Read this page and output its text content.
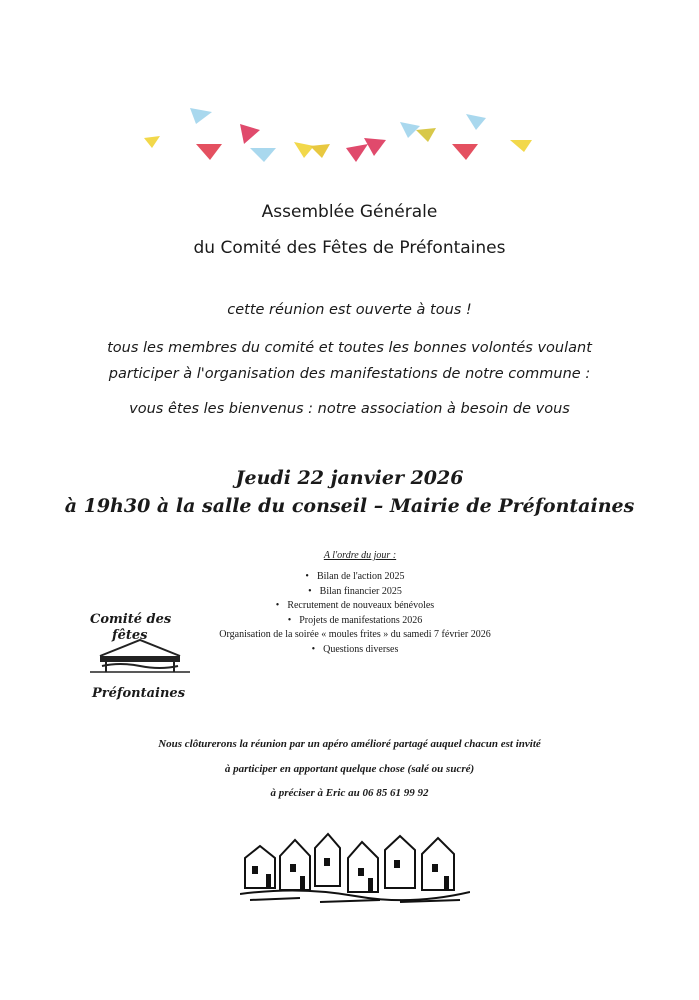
Assemblée Générale
du Comité des Fêtes de Préfontaines
cette réunion est ouverte à tous !
tous les membres du comité et toutes les bonnes volontés voulant
participer à l'organisation des manifestations de notre commune :
vous êtes les bienvenus : notre association à besoin de vous
Jeudi 22 janvier 2026
à 19h30 à la salle du conseil – Mairie de Préfontaines
A l'ordre du jour :
• Bilan de l'action 2025
• Bilan financier 2025
• Recrutement de nouveaux bénévoles
• Projets de manifestations 2026
Organisation de la soirée « moules frites » du samedi 7 février 2026
• Questions diverses
Comité des
fêtes
Préfontaines
Nous clôturerons la réunion par un apéro amélioré partagé auquel chacun est invité
à participer en apportant quelque chose (salé ou sucré)
à préciser à Eric au 06 85 61 99 92
